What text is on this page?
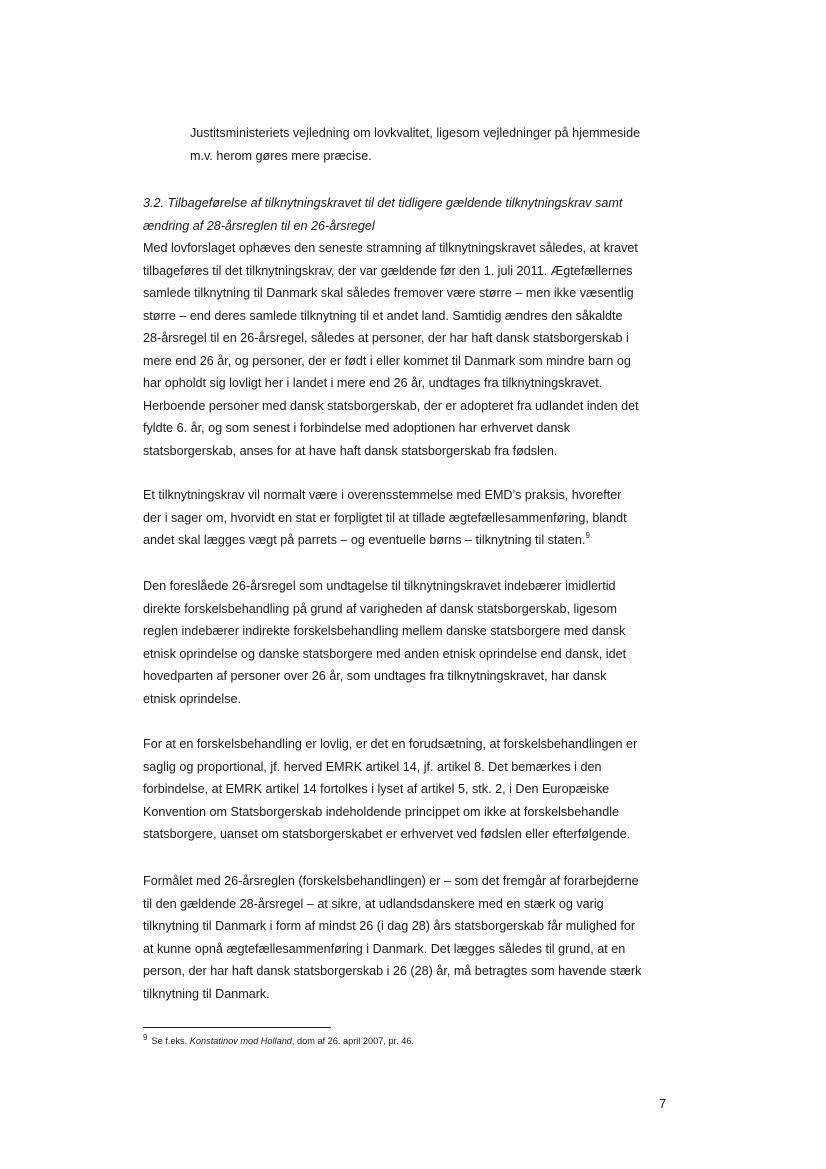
Justitsministeriets vejledning om lovkvalitet, ligesom vejledninger på hjemmeside
m.v. herom gøres mere præcise.
3.2. Tilbageførelse af tilknytningskravet til det tidligere gældende tilknytningskrav samt
ændring af 28-årsreglen til en 26-årsregel
Med lovforslaget ophæves den seneste stramning af tilknytningskravet således, at kravet
tilbageføres til det tilknytningskrav, der var gældende før den 1. juli 2011. Ægtefællernes
samlede tilknytning til Danmark skal således fremover være større – men ikke væsentlig
større – end deres samlede tilknytning til et andet land. Samtidig ændres den såkaldte
28-årsregel til en 26-årsregel, således at personer, der har haft dansk statsborgerskab i
mere end 26 år, og personer, der er født i eller kommet til Danmark som mindre barn og
har opholdt sig lovligt her i landet i mere end 26 år, undtages fra tilknytningskravet.
Herboende personer med dansk statsborgerskab, der er adopteret fra udlandet inden det
fyldte 6. år, og som senest i forbindelse med adoptionen har erhvervet dansk
statsborgerskab, anses for at have haft dansk statsborgerskab fra fødslen.
Et tilknytningskrav vil normalt være i overensstemmelse med EMD’s praksis, hvorefter
der i sager om, hvorvidt en stat er forpligtet til at tillade ægtefællesammenføring, blandt
andet skal lægges vægt på parrets – og eventuelle børns – tilknytning til staten.$^9$
Den foreslåede 26-årsregel som undtagelse til tilknytningskravet indebærer imidlertid
direkte forskelsbehandling på grund af varigheden af dansk statsborgerskab, ligesom
reglen indebærer indirekte forskelsbehandling mellem danske statsborgere med dansk
etnisk oprindelse og danske statsborgere med anden etnisk oprindelse end dansk, idet
hovedparten af personer over 26 år, som undtages fra tilknytningskravet, har dansk
etnisk oprindelse.
For at en forskelsbehandling er lovlig, er det en forudsætning, at forskelsbehandlingen er
saglig og proportional, jf. herved EMRK artikel 14, jf. artikel 8. Det bemærkes i den
forbindelse, at EMRK artikel 14 fortolkes i lyset af artikel 5, stk. 2, i Den Europæiske
Konvention om Statsborgerskab indeholdende princippet om ikke at forskelsbehandle
statsborgere, uanset om statsborgerskabet er erhvervet ved fødslen eller efterfølgende.
Formålet med 26-årsreglen (forskelsbehandlingen) er – som det fremgår af forarbejderne
til den gældende 28-årsregel – at sikre, at udlandsdanskere med en stærk og varig
tilknytning til Danmark i form af mindst 26 (i dag 28) års statsborgerskab får mulighed for
at kunne opnå ægtefællesammenføring i Danmark. Det lægges således til grund, at en
person, der har haft dansk statsborgerskab i 26 (28) år, må betragtes som havende stærk
tilknytning til Danmark.
9 Se f.eks. Konstatinov mod Holland, dom af 26. april 2007, pr. 46.
7
